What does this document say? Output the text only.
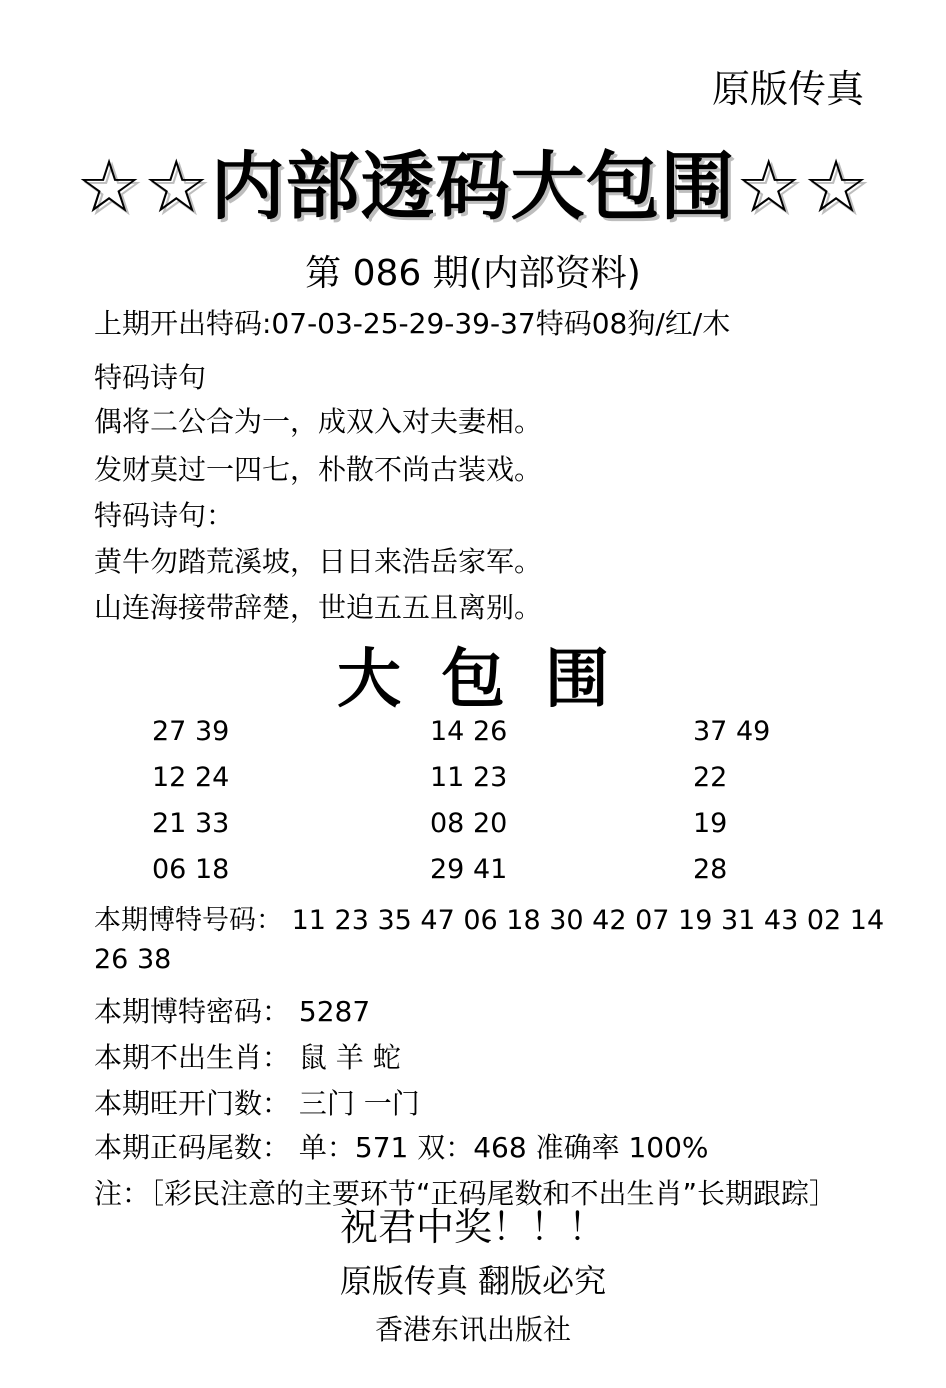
原版传真
☆☆内部透码大包围☆☆
第 086 期(内部资料)
上期开出特码:07-03-25-29-39-37特码08狗/红/木
特码诗句
偶将二公合为一，成双入对夫妻相。
发财莫过一四七，朴散不尚古装戏。
特码诗句：
黄牛勿踏荒溪坡，日日来浩岳家军。
山连海接带辞楚，世迫五五且离别。
大包围
27 39
12 24
21 33
06 18
14 26
11 23
08 20
29 41
37 49
22
19
28
本期博特号码： 11 23 35 47 06 18 30 42 07 19 31 43 02 14
26 38
本期博特密码： 5287
本期不出生肖： 鼠 羊 蛇
本期旺开门数： 三门 一门
本期正码尾数： 单：571 双：468 准确率 100%
注：［彩民注意的主要环节“正码尾数和不出生肖”长期跟踪］
祝君中奖！！！
原版传真 翻版必究
香港东讯出版社
